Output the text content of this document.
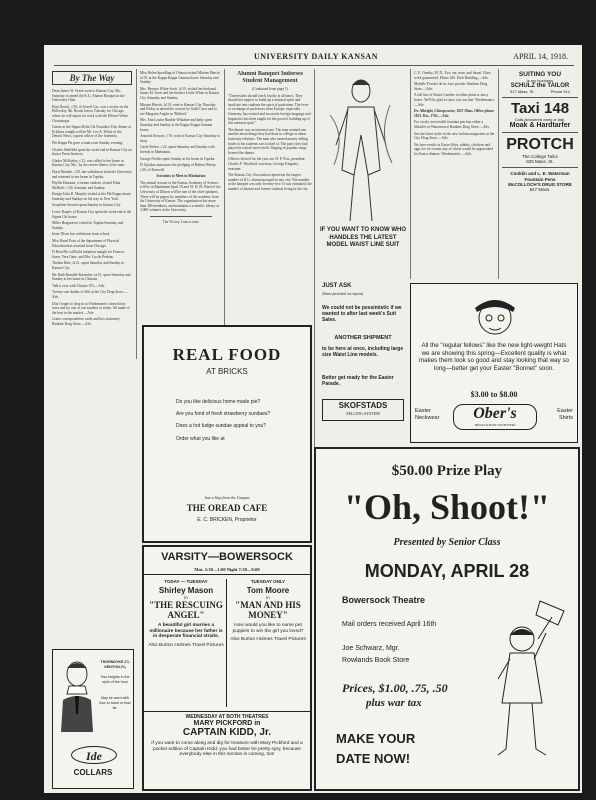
UNIVERSITY DAILY KANSAN	APRIL 14, 1918.
By The Way

Dean James W. Green went to Kansas City, Mo., Saturday to attend the K.U. Alumni Banquet at the University Club.

Hoyt Roach, c'20, of Jewell City, was a visitor on the Hill today. Mr. Roach leaves Tuesday for Chicago where he will report for work with the Ellison-White Chautauqua.

Guests at the Sigma Delta Chi Founders' Day dinner at Eckhaus tonight will be Mr. Leo A. White of the Detroit News, a guest officer of the fraternity.

Phi Kappa Psi gave a stunt roast Sunday evening.

Charles Sheffield spent the week end in Kansas City on Junior Prom business.

Gladys McKinley, c'22, was called to her home in Kansas City, Mo., by the severe illness of her aunt.

Dorie Bennett, c'20, has withdrawn from the University and returned to her home in Topeka.

Phyllis Dammet, a former student, visited Edna McBride, c'20, Saturday and Sunday.

Ensign John D. Murphy visited at the Phi Kappa house Saturday and Sunday on his way to New York.

Josephine Stevens spent Sunday in Kansas City.

Lewis Rogers of Kansas City spent the week end at the Sigma Chi house.

Millie Hargreaves visited in Topeka Saturday and Sunday.

Irene Tilson has withdrawn from school.

Miss Hazel Pratt of the department of Physical Education has returned from Chicago.

Pi Beta Phi will hold initiation tonight for Frances Jones, Vera Gans, and Mrs. Lucile Perkins.

Thelma Hale, fa'21, spent Saturday and Sunday in Kansas City.

Mr. Ruth Brandle-Burnisher, fa'21, spent Saturday and Sunday at her home in Chanute.

Talk it over with Clinton 193.—Adv.

Twenty-one shades of Silk at the City Drug Store.—Adv.

Don't forget to drop in at Wiedemann's when down town and try one of our sundaes or sodas. All made of the best in the market.—Adv.

Crane correspondence cards and box stationery. Rankins Drug Store.—Adv.

THORNDYKE 2¾
KENYON 2⅜
Two heights in the style of the hour
May be worn with four-in-hand or bow tie.
Ide
COLLARS

Miss Helen Spradling of Ottawa visited Miriam Merritt fa'19, at the Kappa Kappa Gamma house Saturday and Sunday.

Mrs. Bernice White-Scott, fa'19, visited her husband, James M. Scott and her brother Leslie White in Kansas City Saturday and Sunday.

Miriam Merritt, fa'19, went to Kansas City Thursday and Friday at attend the concert by Galli-Curci and to see Margaret Anglin in 'Billeted.'

Mrs. Etta Louise Bimble Whitaker and baby spent Saturday and Sunday at the Kappa Kappa Gamma house.

Annarah Stewart, c'19, went to Kansas City Saturday to shop.

Gayle Kehoe, c'22, spent Saturday and Sunday with friends in Manhattan.

George Nettles spent Sunday at his home in Topeka.

Pi Upsilon announces the pledging of Hubert Westry, c'20, of Burrwell.

Scientists to Meet in Manhattan

The annual session of the Kansas Academy of Science will be in Manhattan April 18 and 19. H. H. Ward of the University of Illinois will be one of the chief speakers. There will be papers by members of the academy from the University of Kansas. The organization has more than 300 members, and maintains a scientific library of 3,000 volumes at the University.

The Victory Loan is next.

Alumni Banquet Indorses Student Management

(Continued from page 1)

"Universities should teach loyalty at all times. They should not neglect to build up a national spirit and inculcate into students the spirit of patriotism. The fever of exchange of professors from Europe, especially Germany, has existed and too much foreign language and linguistics has been taught for the good of building up of this national spirit."

The dinner was an informal one. The men roamed one another about things they had done in college or about fraternity relations. The man who earned money selling books to his students was looked at. The party they had played in school were retold. Singing of popular songs livened the dinner.

Officers elected for the year are: H. P. Post, president; Charles F. Woolford, secretary; George Kingsley, treasurer.

The Kansas City Association represents the largest number of K.U. alumni grouped in any city. The number at the banquet was only seventy-five. It was estimated, the number of alumni and former students living in the city.

IF YOU WANT TO KNOW WHO HANDLES THE LATEST MODEL WAIST LINE SUIT
JUST ASK
(Name furnished on request)
We could not be pessimistic if we wanted to after last week's Suit Sales.
ANOTHER SHIPMENT
to be here at once, including large size Waist Line models.
Better get ready for the Easter Parade.
SKOFSTADS
SELLING SYSTEM

C. E. Omelty, M. D., Eye, ear, nose, and throat. Glass work guaranteed. Phone 445. Dick Building.—Adv.

Mybelle Powder de rix face powder. Rankins Drug Store.—Adv.

A full line of Easter Candies in either plain or fancy boxes. We'll be glad to show you our line. Wiedemann's.—Adv.

Dr. Albright, Chiropractor, 1027 Mass. Office phone 1851. Res. 1765.—Adv.

For a truly serviceable fountain pen buy either a Sheaffer or Waterman at Rankins Drug Store.—Adv.

See the latest styles in the new fashion magazines at the City Drug Store.—Adv.

We have results in Easter lilies, rabbits, chickens and eggs for ice-cream, any of which would be appreciated for Easter dinners. Wiedemann's.—Adv.

SUITING YOU
is my business
SCHULZ the TAILOR
917 Mass. St.	Phone 914
Taxi 148
Calls Answered early or late.
Moak & Hardtarfer
PROTCH
The College Tailor
825 Mass. St.
Conklin and L. E. Waterman Fountain Pens
McCOLLOCH'S DRUG STORE
847 Mass.
All the "regular fellows" like the new light-weight Hats we are showing this spring—Excellent quality is what makes them look so good and stay looking that way so long—better get your Easter "Bonnet" soon.
$3.00 to $8.00
Easter
Neckwear	Ober's
HEAD-TO-FOOT OUTFITTERS
Easter
Shirts
REAL FOOD
AT BRICKS

Do you like delicious home made pie?

Are you fond of fresh strawberry sundaes?

Does a hot fudge sundae appeal to you?

Order what you like at

Just a Step from the Campus
THE OREAD CAFE
E. C. BRICKEN, Proprietor
VARSITY—BOWERSOCK
Mat. 2:30—1:00 Night 7:30—9:00
TODAY — TUESDAY
Shirley Mason
in
"THE RESCUING ANGEL"
A beautiful girl marries a millionaire because her father is in desperate financial straits.
Also Burton Holmes Travel Pictures
TUESDAY ONLY
Tom Moore
in
"MAN AND HIS MONEY"
How would you like to nurse pet puppies to win the girl you loved?
Also Burton Holmes Travel Pictures
WEDNESDAY AT BOTH THEATRES
MARY PICKFORD in
CAPTAIN KIDD, Jr.
If you want to come along and dig for treasure with Mary Pickford and a pocket edition of Captain Kidd, you had better be pretty spry, because everybody else in this section is coming, too!
$50.00 Prize Play
"Oh, Shoot!"
Presented by Senior Class
MONDAY, APRIL 28
Bowersock Theatre
Mail orders received April 16th
Joe Schwarz, Mgr.
Rowlands Book Store
Prices, $1.00, .75, .50
plus war tax
MAKE YOUR
DATE NOW!
